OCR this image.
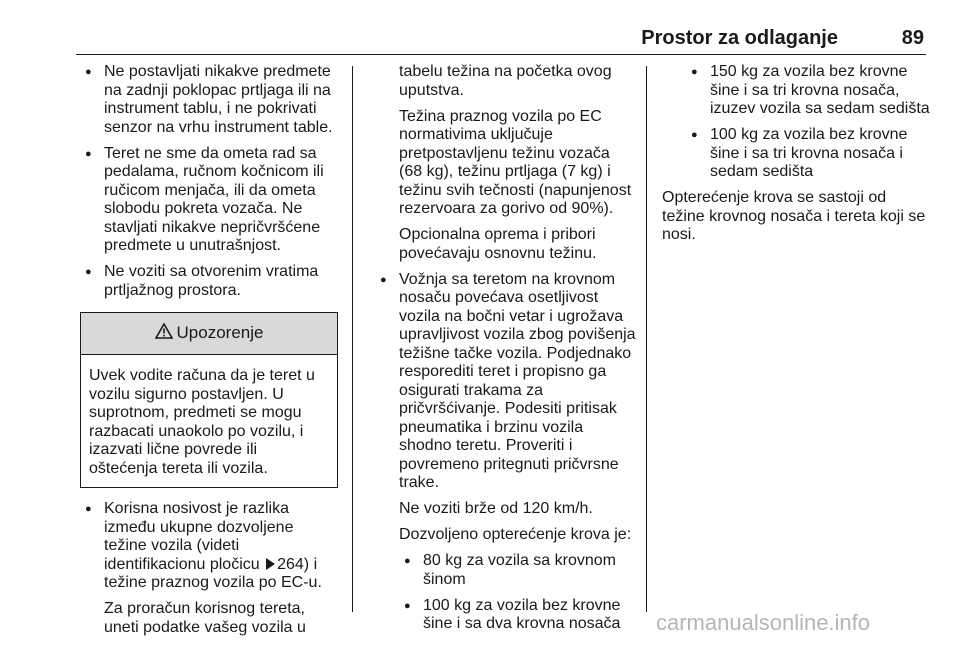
Prostor za odlaganje	89
● Ne postavljati nikakve predmete na zadnji poklopac prtljaga ili na instrument tablu, i ne pokrivati senzor na vrhu instrument table.
● Teret ne sme da ometa rad sa pedalama, ručnom kočnicom ili ručicom menjača, ili da ometa slobodu pokreta vozača. Ne stavljati nikakve nepričvršćene predmete u unutrašnjost.
● Ne voziti sa otvorenim vratima prtljažnog prostora.
Upozorenje
Uvek vodite računa da je teret u vozilu sigurno postavljen. U suprotnom, predmeti se mogu razbacati unaokolo po vozilu, i izazvati lične povrede ili oštećenja tereta ili vozila.

● Korisna nosivost je razlika između ukupne dozvoljene težine vozila (videti identifikacionu pločicu 264) i težine praznog vozila po EC-u.

Za proračun korisnog tereta, uneti podatke vašeg vozila u

tabelu težina na početka ovog uputstva.

Težina praznog vozila po EC normativima uključuje pretpostavljenu težinu vozača (68 kg), težinu prtljaga (7 kg) i težinu svih tečnosti (napunjenost rezervoara za gorivo od 90%).

Opcionalna oprema i pribori povećavaju osnovnu težinu.

● Vožnja sa teretom na krovnom nosaču povećava osetljivost vozila na bočni vetar i ugrožava upravljivost vozila zbog povišenja težišne tačke vozila. Podjednako resporediti teret i propisno ga osigurati trakama za pričvršćivanje. Podesiti pritisak pneumatika i brzinu vozila shodno teretu. Proveriti i povremeno pritegnuti pričvrsne trake.

Ne voziti brže od 120 km/h.

Dozvoljeno opterećenje krova je:

● 80 kg za vozila sa krovnom šinom
● 100 kg za vozila bez krovne šine i sa dva krovna nosača
● 150 kg za vozila bez krovne šine i sa tri krovna nosača, izuzev vozila sa sedam sedišta
● 100 kg za vozila bez krovne šine i sa tri krovna nosača i sedam sedišta

Opterećenje krova se sastoji od težine krovnog nosača i tereta koji se nosi.

carmanualsonline.info
